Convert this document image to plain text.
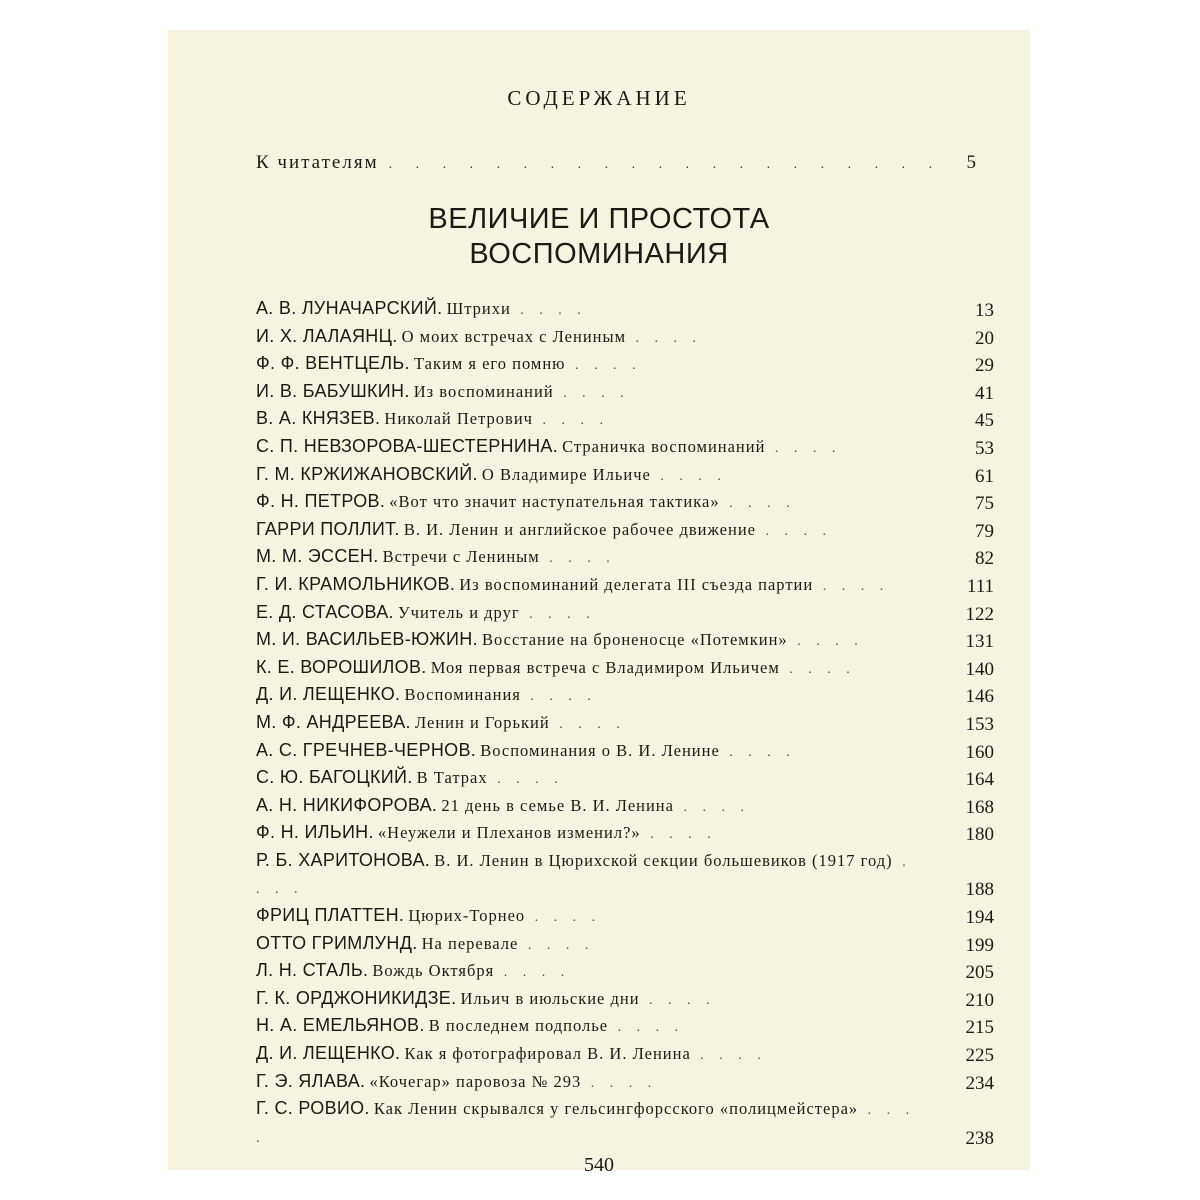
СОДЕРЖАНИЕ
К читателям . . .	5
ВЕЛИЧИЕ И ПРОСТОТА
ВОСПОМИНАНИЯ
А. В. ЛУНАЧАРСКИЙ. Штрихи . . . .	13
И. Х. ЛАЛАЯНЦ. О моих встречах с Лениным . . . .	20
Ф. Ф. ВЕНТЦЕЛЬ. Таким я его помню . . . .	29
И. В. БАБУШКИН. Из воспоминаний . . . .	41
В. А. КНЯЗЕВ. Николай Петрович . . . .	45
С. П. НЕВЗОРОВА-ШЕСТЕРНИНА. Страничка воспоминаний . . . .	53
Г. М. КРЖИЖАНОВСКИЙ. О Владимире Ильиче . . . .	61
Ф. Н. ПЕТРОВ. «Вот что значит наступательная тактика» . . . .	75
ГАРРИ ПОЛЛИТ. В. И. Ленин и английское рабочее движение . . . .	79
М. М. ЭССЕН. Встречи с Лениным . . . .	82
Г. И. КРАМОЛЬНИКОВ. Из воспоминаний делегата III съезда партии . . . .	111
Е. Д. СТАСОВА. Учитель и друг . . . .	122
М. И. ВАСИЛЬЕВ-ЮЖИН. Восстание на броненосце «Потемкин» . . . .	131
К. Е. ВОРОШИЛОВ. Моя первая встреча с Владимиром Ильичем . . . .	140
Д. И. ЛЕЩЕНКО. Воспоминания . . . .	146
М. Ф. АНДРЕЕВА. Ленин и Горький . . . .	153
А. С. ГРЕЧНЕВ-ЧЕРНОВ. Воспоминания о В. И. Ленине . . . .	160
С. Ю. БАГОЦКИЙ. В Татрах . . . .	164
А. Н. НИКИФОРОВА. 21 день в семье В. И. Ленина . . . .	168
Ф. Н. ИЛЬИН. «Неужели и Плеханов изменил?» . . . .	180
Р. Б. ХАРИТОНОВА. В. И. Ленин в Цюрихской секции большевиков (1917 год) . . . .	188
ФРИЦ ПЛАТТЕН. Цюрих-Торнео . . . .	194
ОТТО ГРИМЛУНД. На перевале . . . .	199
Л. Н. СТАЛЬ. Вождь Октября . . . .	205
Г. К. ОРДЖОНИКИДЗЕ. Ильич в июльские дни . . . .	210
Н. А. ЕМЕЛЬЯНОВ. В последнем подполье . . . .	215
Д. И. ЛЕЩЕНКО. Как я фотографировал В. И. Ленина . . . .	225
Г. Э. ЯЛАВА. «Кочегар» паровоза № 293 . . . .	234
Г. С. РОВИО. Как Ленин скрывался у гельсингфорсского «полицмейстера» . . . .	238
540
